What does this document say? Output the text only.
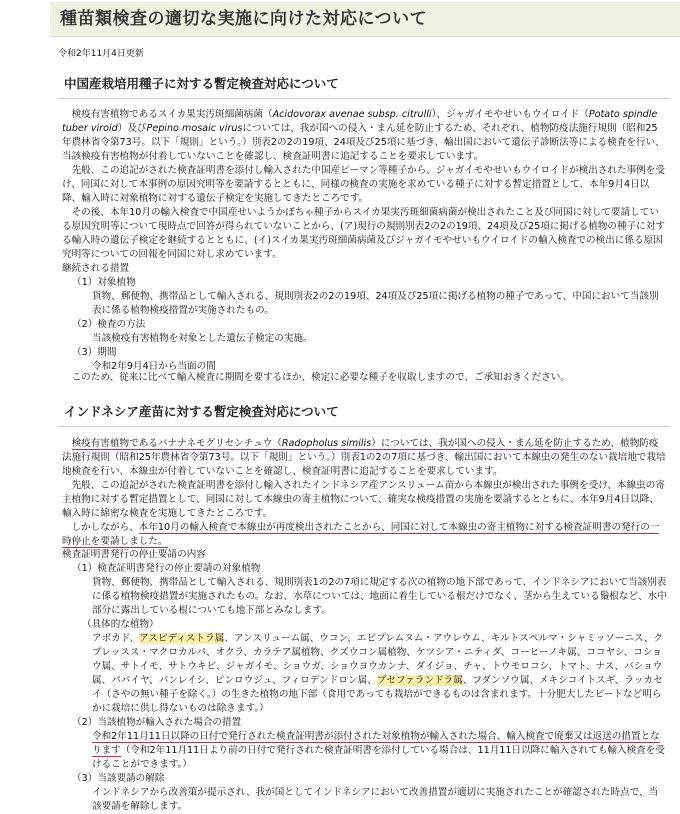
種苗類検査の適切な実施に向けた対応について
令和2年11月4日更新
中国産栽培用種子に対する暫定検査対応について

検疫有害植物であるスイカ果実汚斑細菌病菌（Acidovorax avenae subsp. citrulli）、ジャガイモやせいもウイロイド（Potato spindle tuber viroid）及びPepino mosaic virusについては、我が国への侵入・まん延を防止するため、それぞれ、植物防疫法施行規則（昭和25年農林省令第73号。以下「規則」という。）別表2の2の19項、24項及び25項に基づき、輸出国において遺伝子診断法等による検査を行い、当該検疫有害植物が付着していないことを確認し、検査証明書に追記することを要求しています。

先般、この追記がされた検査証明書を添付し輸入された中国産ピーマン等種子から、ジャガイモやせいもウイロイドが検出された事例を受け、同国に対して本事例の原因究明等を要請するとともに、同様の検査の実施を求めている種子に対する暫定措置として、本年9月4日以降、輸入時に対象植物に対する遺伝子検定を実施してきたところです。

その後、本年10月の輸入検査で中国産せいようかぼちゃ種子からスイカ果実汚斑細菌病菌が検出されたこと及び同国に対して要請している原因究明等について現時点で回答が得られていないことから、(ア)現行の規則別表2の2の19項、24項及び25項に掲げる植物の種子に対する輸入時の遺伝子検定を継続するとともに、(イ)スイカ果実汚斑細菌病菌及びジャガイモやせいもウイロイドの輸入検査での検出に係る原因究明等についての回報を同国に対し求めています。

継続される措置

（1）対象植物

貨物、郵便物、携帯品として輸入される、規則別表2の2の19項、24項及び25項に掲げる植物の種子であって、中国において当該別表に係る植物検疫措置が実施されたもの。

（2）検査の方法

当該検疫有害植物を対象とした遺伝子検定の実施。

（3）期間

令和2年9月4日から当面の間

このため、従来に比べて輸入検査に期間を要するほか、検定に必要な種子を収取しますので、ご承知おきください。

インドネシア産苗に対する暫定検査対応について

検疫有害植物であるバナナネモグリセンチュウ（Radopholus similis）については、我が国への侵入・まん延を防止するため、植物防疫法施行規則（昭和25年農林省令第73号。以下「規則」という。）別表1の2の7項に基づき、輸出国において本線虫の発生のない栽培地で栽培地検査を行い、本線虫が付着していないことを確認し、検査証明書に追記することを要求しています。

先般、この追記がされた検査証明書を添付し輸入されたインドネシア産アンスリューム苗から本線虫が検出された事例を受け、本線虫の寄主植物に対する暫定措置として、同国に対して本線虫の寄主植物について、確実な検疫措置の実施を要請するとともに、本年9月4日以降、輸入時に綿密な検査を実施してきたところです。

しかしながら、本年10月の輸入検査で本線虫が再度検出されたことから、同国に対して本線虫の寄主植物に対する検査証明書の発行の一時停止を要請しました。

検査証明書発行の停止要請の内容

（1）検査証明書発行の停止要請の対象植物

貨物、郵便物、携帯品として輸入される、規則別表1の2の7項に規定する次の植物の地下部であって、インドネシアにおいて当該別表に係る植物検疫措置が実施されたもの。なお、水草については、地面に着生している根だけでなく、茎から生えている鬚根など、水中部分に露出している根についても地下部とみなします。

（具体的な植物）

アボカド、アスピディストラ属、アンスリューム属、ウコン、エピプレムヌム・アウレウム、キルトスペルマ・シャミッソーニス、クプレッスス・マクロカルパ、オクラ、カラテア属植物、クズウコン属植物、ケツシア・ニティダ、コーヒーノキ属、ココヤシ、コショウ属、サトイモ、サトウキビ、ジャガイモ、ショウガ、ショウヨウカンナ、ダイジョ、チャ、トウモロコシ、トマト、ナス、バショウ属、パパイヤ、パンレイシ、ピンロウジュ、フィロデンドロン属、プセファランドラ属、フダンソウ属、メキシコイトスギ、ラッカセイ（さやの無い種子を除く。）の生きた植物の地下部（食用であっても栽培ができるものは含まれます。十分肥大したビートなど明らかに栽培に供し得ないものは除きます。）

（2）当該植物が輸入された場合の措置

令和2年11月11日以降の日付で発行された検査証明書が添付された対象植物が輸入された場合、輸入検査で廃棄又は返送の措置となります（令和2年11月11日より前の日付で発行された検査証明書を添付している場合は、11月11日以降に輸入されても輸入検査を受けることができます。）

（3）当該要請の解除

インドネシアから改善策が提示され、我が国としてインドネシアにおいて改善措置が適切に実施されたことが確認された時点で、当該要請を解除します。
